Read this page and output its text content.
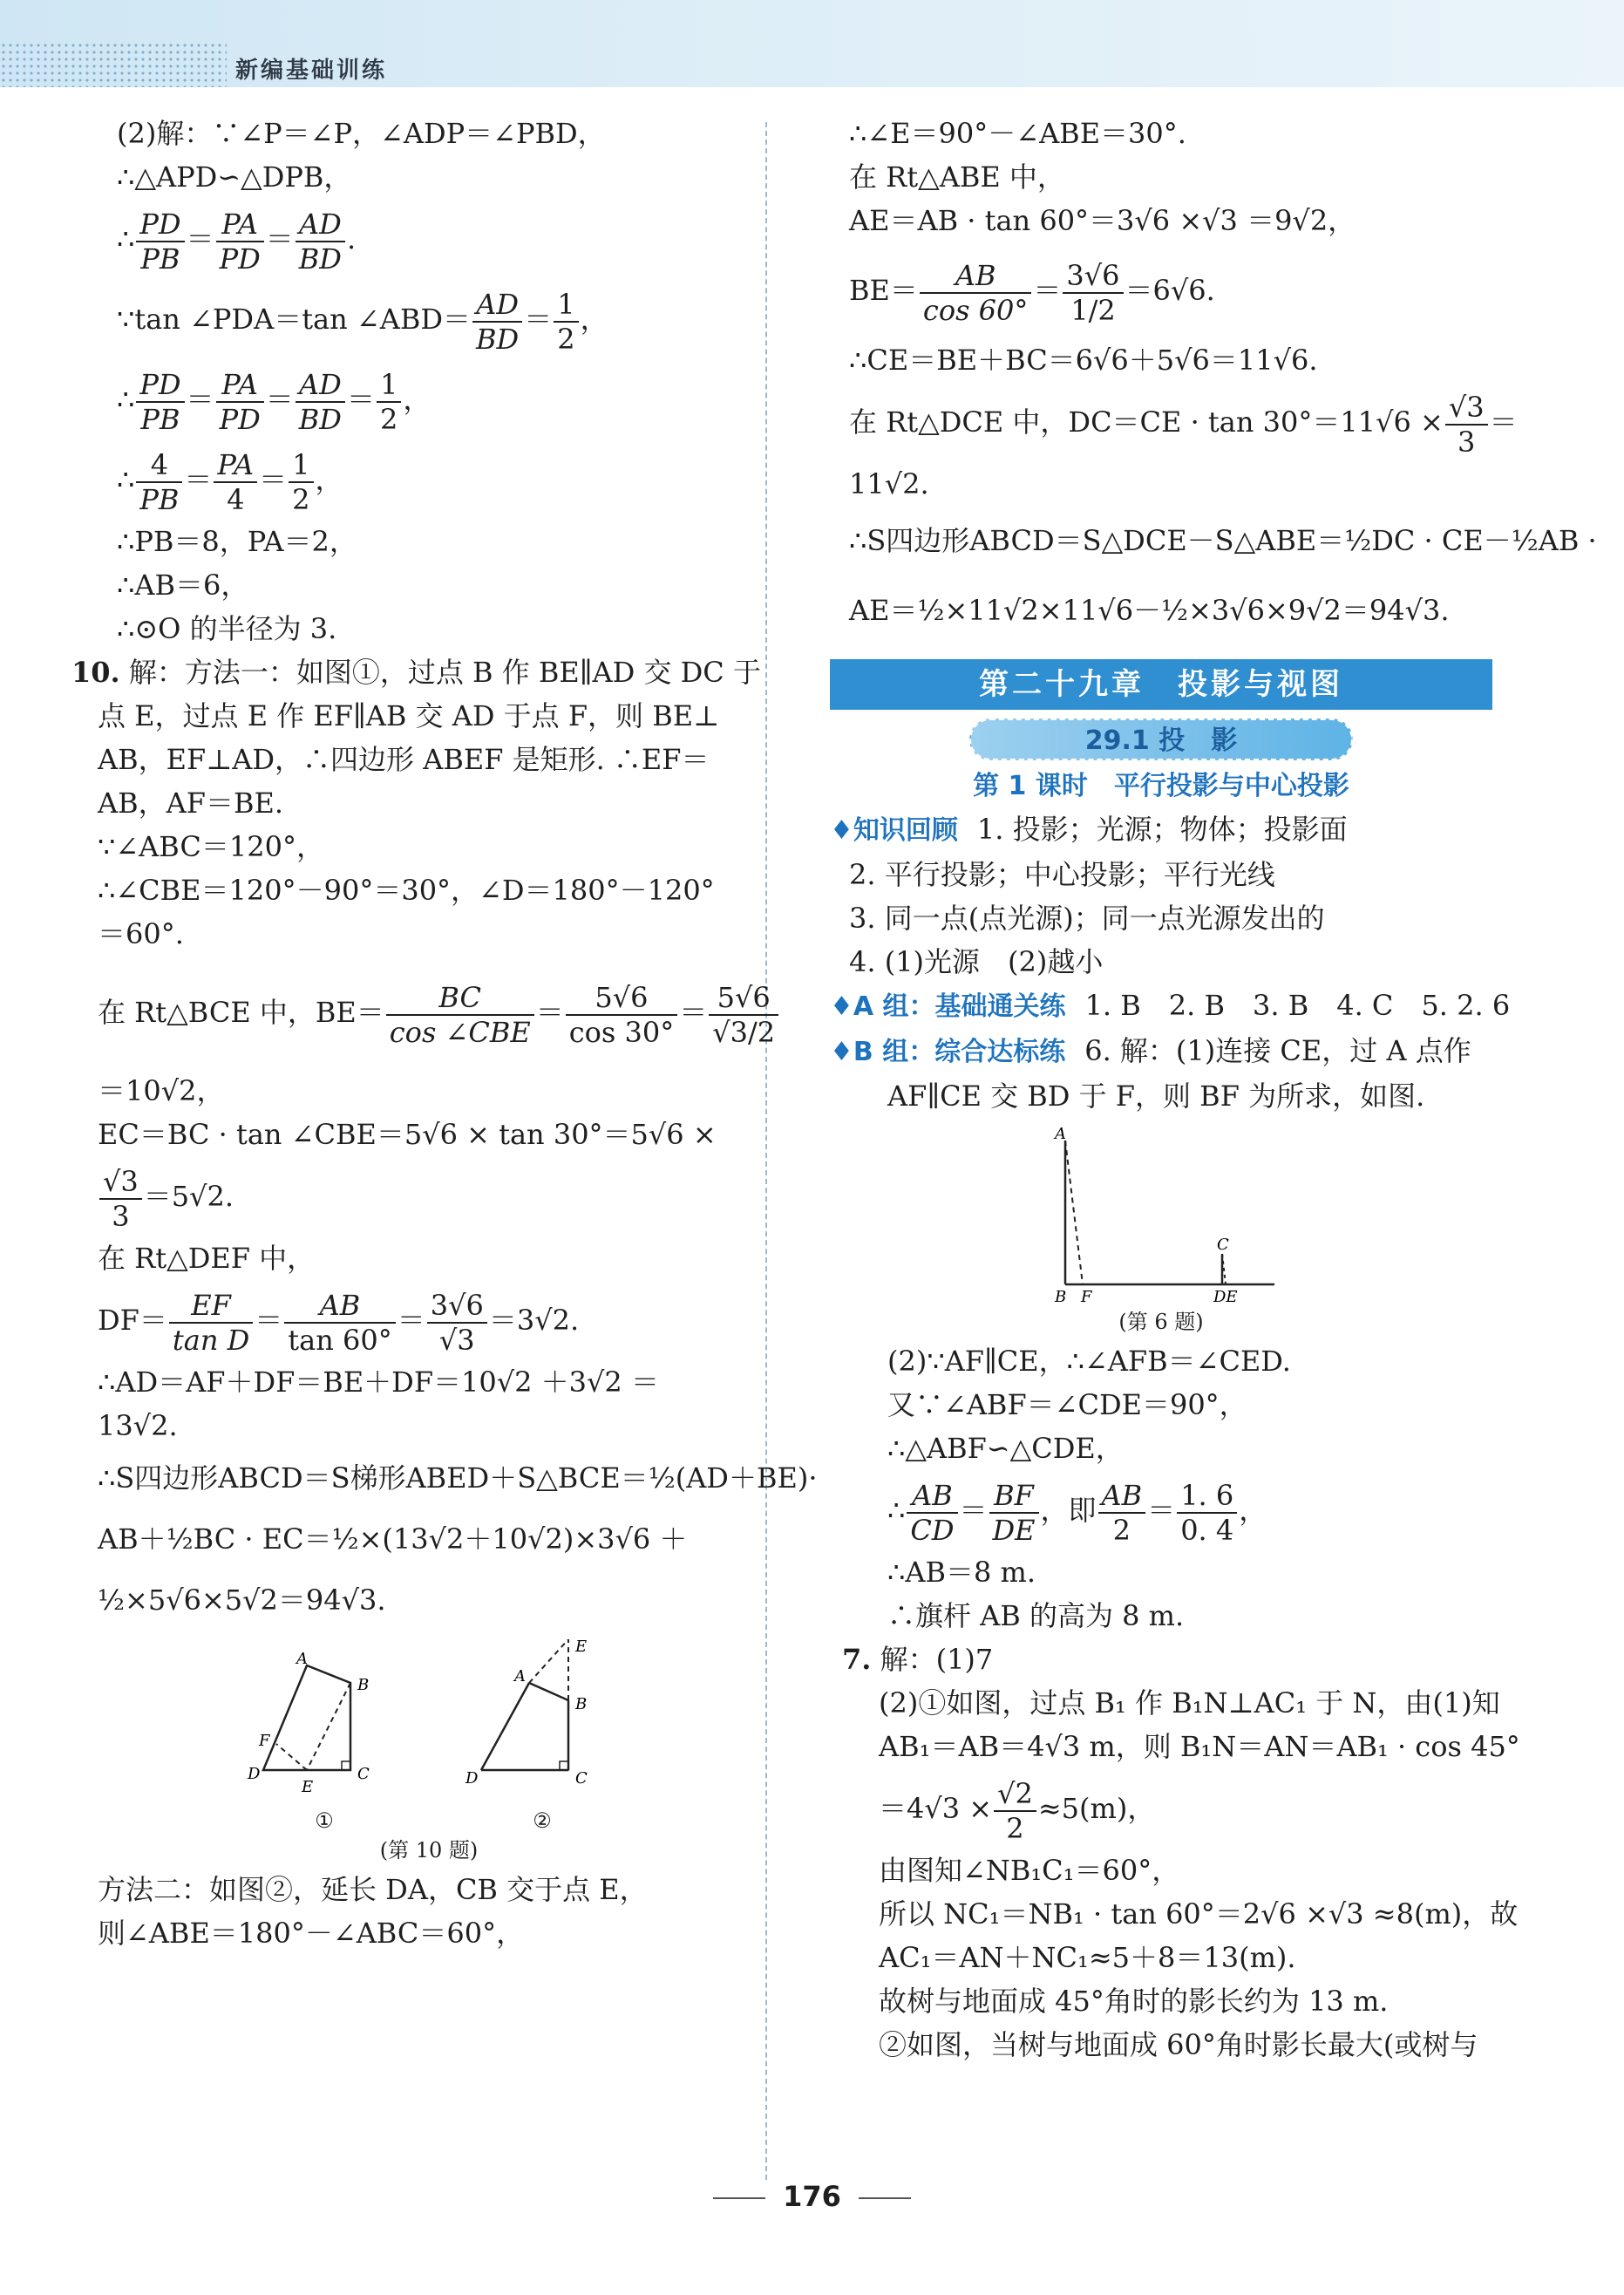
新编基础训练

(2)解：∵∠P＝∠P，∠ADP＝∠PBD，

∴△APD∽△DPB，

∴ $\frac{PD}{PB} = \frac{PA}{PD} = \frac{AD}{BD}$ .

∵tan ∠PDA＝tan ∠ABD＝ $\frac{AD}{BD} = \frac{1}{2}$ ，

∴ $\frac{PD}{PB} = \frac{PA}{PD} = \frac{AD}{BD} = \frac{1}{2}$ ，

∴ $\frac{4}{PB} = \frac{PA}{4} = \frac{1}{2}$ ，

∴PB＝8，PA＝2，

∴AB＝6，

∴⊙O 的半径为 3.

10. 解：方法一：如图①，过点 B 作 BE∥AD 交 DC 于

点 E，过点 E 作 EF∥AB 交 AD 于点 F，则 BE⊥

AB，EF⊥AD，∴四边形 ABEF 是矩形. ∴EF＝

AB，AF＝BE.

∵∠ABC＝120°，

∴∠CBE＝120°－90°＝30°，∠D＝180°－120°

＝60°.

在 Rt△BCE 中，$BE= \frac{BC}{\text{cos ∠CBE}} = \frac{5√6}{\cos 30^\circ} = \frac{5√6}{√3/2}$

＝10√2，

EC＝BC · tan ∠CBE＝5√6 × tan 30°＝5√6 ×

$\frac{√3}{3} =5√2$.

在 Rt△DEF 中，

$DF= \frac{EF}{\text{tan D}} = \frac{AB}{\tan 60^\circ} = \frac{3√6}{√3} =3√2$.

∴AD＝AF＋DF＝BE＋DF＝10√2 ＋3√2 ＝

13√2.

∴S四边形ABCD＝S梯形ABED＋S△BCE＝½(AD＋BE)·

AB＋½BC · EC＝½×(13√2＋10√2)×3√6 ＋

½×5√6×5√2＝94√3.

A
B
C
D
E
F
①
A
B
C
D
E
②
(第 10 题)

方法二：如图②，延长 DA，CB 交于点 E，

则∠ABE＝180°－∠ABC＝60°，

∴∠E＝90°－∠ABE＝30°.

在 Rt△ABE 中，

AE＝AB · tan 60°＝3√6 ×√3 ＝9√2，

$BE= \frac{AB}{\cos 60^\circ} = \frac{3√6}{1/2} =6√6$.

∴CE＝BE＋BC＝6√6＋5√6＝11√6.

在 Rt△DCE 中，$DC=CE \cdot \tan 30^\circ=11√6 \times \frac{√3}{3}$ ＝

11√2.

∴S四边形ABCD＝S△DCE－S△ABE＝½DC · CE－½AB ·

AE＝½×11√2×11√6－½×3√6×9√2＝94√3.

第二十九章　投影与视图
29.1 投　影
第 1 课时　平行投影与中心投影

♦知识回顾 1. 投影；光源；物体；投影面

2. 平行投影；中心投影；平行光线

3. 同一点(点光源)；同一点光源发出的

4. (1)光源　(2)越小

♦A 组：基础通关练 1. B　2. B　3. B　4. C　5. 2. 6

♦B 组：综合达标练 6. 解：(1)连接 CE，过 A 点作

AF∥CE 交 BD 于 F，则 BF 为所求，如图.

A
B F
C
DE
(第 6 题)

(2)∵AF∥CE，∴∠AFB＝∠CED.

又∵∠ABF＝∠CDE＝90°，

∴△ABF∽△CDE，

∴ $\frac{AB}{CD} = \frac{BF}{DE}$ ，即 $\frac{AB}{2} = \frac{1. 6}{0. 4}$ ，

∴AB＝8 m.

∴旗杆 AB 的高为 8 m.

7. 解：(1)7

(2)①如图，过点 B₁ 作 B₁N⊥AC₁ 于 N，由(1)知

AB₁＝AB＝4√3 m，则 B₁N＝AN＝AB₁ · cos 45°

$=4√3 \times \frac{√2}{2} \approx 5(m)$，

由图知∠NB₁C₁＝60°，

所以 NC₁＝NB₁ · tan 60°＝2√6 ×√3 ≈8(m)，故

AC₁＝AN＋NC₁≈5＋8＝13(m).

故树与地面成 45°角时的影长约为 13 m.

②如图，当树与地面成 60°角时影长最大(或树与

176
